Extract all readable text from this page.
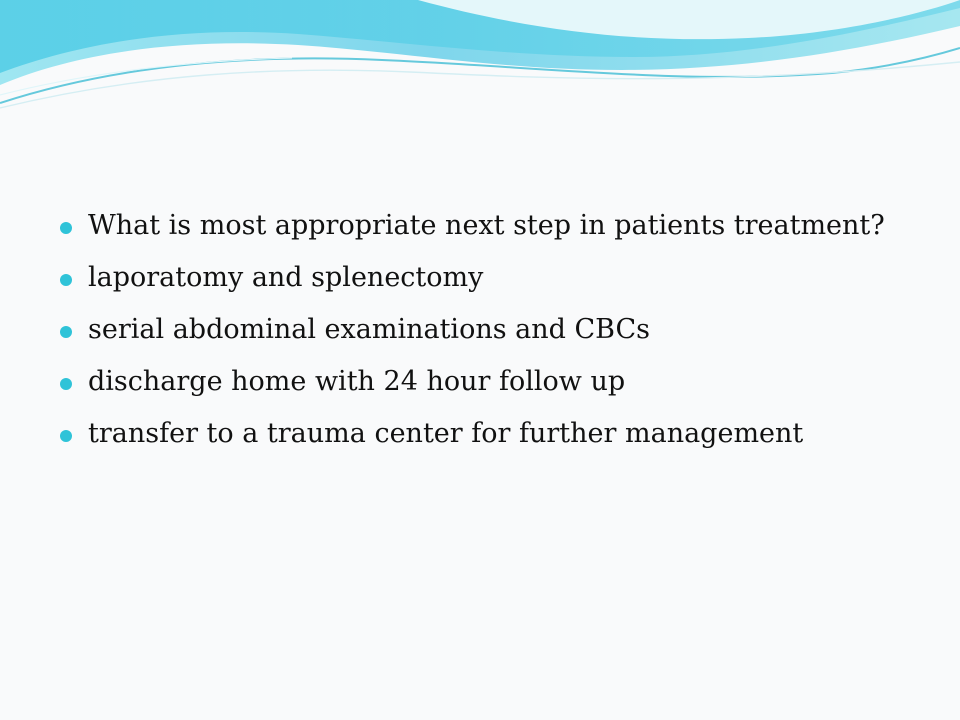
What is most appropriate next step in patients treatment?
laporatomy and splenectomy
serial abdominal examinations and CBCs
discharge home with 24 hour follow up
transfer to a trauma center for further management
